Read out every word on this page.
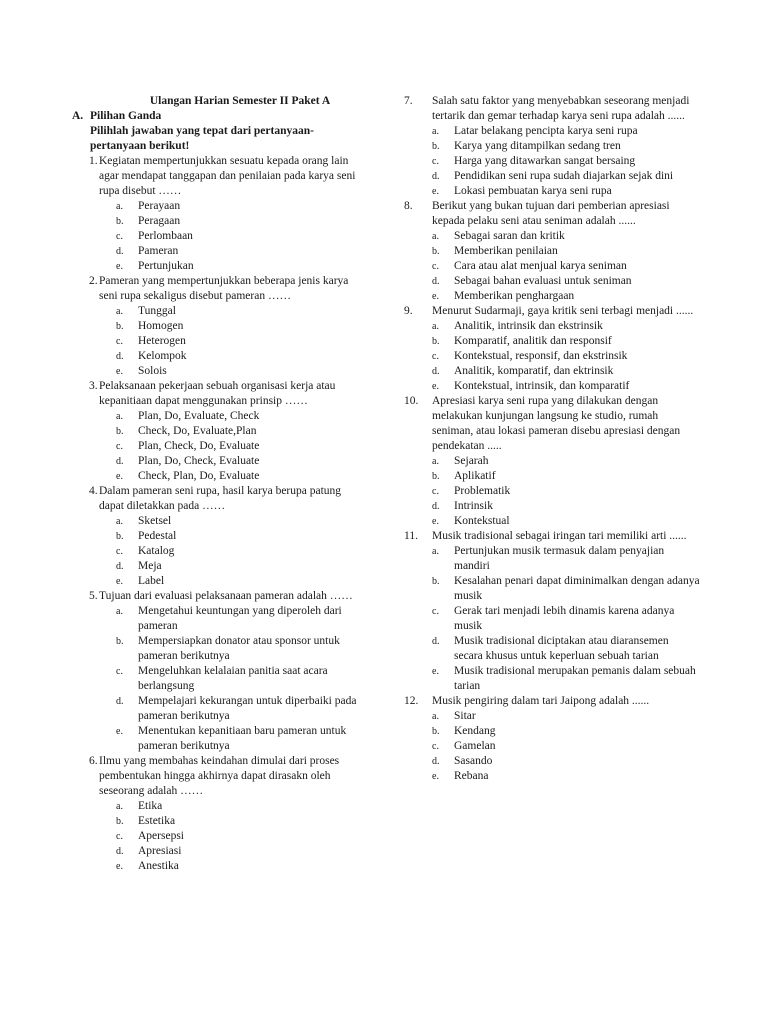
Ulangan Harian Semester II Paket A
A. Pilihan Ganda
Pilihlah jawaban yang tepat dari pertanyaan-pertanyaan berikut!
1. Kegiatan mempertunjukkan sesuatu kepada orang lain agar mendapat tanggapan dan penilaian pada karya seni rupa disebut ……
a.	Perayaan
b.	Peragaan
c.	Perlombaan
d.	Pameran
e.	Pertunjukan
2. Pameran yang mempertunjukkan beberapa jenis karya seni rupa sekaligus disebut pameran ……
a.	Tunggal
b.	Homogen
c.	Heterogen
d.	Kelompok
e.	Solois
3. Pelaksanaan pekerjaan sebuah organisasi kerja atau kepanitiaan dapat menggunakan prinsip ……
a.	Plan, Do, Evaluate, Check
b.	Check, Do, Evaluate,Plan
c.	Plan, Check, Do, Evaluate
d.	Plan, Do, Check, Evaluate
e.	Check, Plan, Do, Evaluate
4. Dalam pameran seni rupa, hasil karya berupa patung dapat diletakkan pada ……
a.	Sketsel
b.	Pedestal
c.	Katalog
d.	Meja
e.	Label
5. Tujuan dari evaluasi pelaksanaan pameran adalah ……
a.	Mengetahui keuntungan yang diperoleh dari pameran
b.	Mempersiapkan donator atau sponsor untuk pameran berikutnya
c.	Mengeluhkan kelalaian panitia saat acara berlangsung
d.	Mempelajari kekurangan untuk diperbaiki pada pameran berikutnya
e.	Menentukan kepanitiaan baru pameran untuk pameran berikutnya
6. Ilmu yang membahas keindahan dimulai dari proses pembentukan hingga akhirnya dapat dirasakn oleh seseorang adalah ……
a.	Etika
b.	Estetika
c.	Apersepsi
d.	Apresiasi
e.	Anestika
7.	Salah satu faktor yang menyebabkan seseorang menjadi tertarik dan gemar terhadap karya seni rupa adalah ......
a.	Latar belakang pencipta karya seni rupa
b.	Karya yang ditampilkan sedang tren
c.	Harga yang ditawarkan sangat bersaing
d.	Pendidikan seni rupa sudah diajarkan sejak dini
e.	Lokasi pembuatan karya seni rupa
8.	Berikut yang bukan tujuan dari pemberian apresiasi kepada pelaku seni atau seniman adalah ......
a.	Sebagai saran dan kritik
b.	Memberikan penilaian
c.	Cara atau alat menjual karya seniman
d.	Sebagai bahan evaluasi untuk seniman
e.	Memberikan penghargaan
9.	Menurut Sudarmaji, gaya kritik seni terbagi menjadi ......
a.	Analitik, intrinsik dan ekstrinsik
b.	Komparatif, analitik dan responsif
c.	Kontekstual, responsif, dan ekstrinsik
d.	Analitik, komparatif, dan ektrinsik
e.	Kontekstual, intrinsik, dan komparatif
10.	Apresiasi karya seni rupa yang dilakukan dengan melakukan kunjungan langsung ke studio, rumah seniman, atau lokasi pameran disebu apresiasi dengan pendekatan .....
a.	Sejarah
b.	Aplikatif
c.	Problematik
d.	Intrinsik
e.	Kontekstual
11.	Musik tradisional sebagai iringan tari memiliki arti ......
a.	Pertunjukan musik termasuk dalam penyajian mandiri
b.	Kesalahan penari dapat diminimalkan dengan adanya musik
c.	Gerak tari menjadi lebih dinamis karena adanya musik
d.	Musik tradisional diciptakan atau diaransemen secara khusus untuk keperluan sebuah tarian
e.	Musik tradisional merupakan pemanis dalam sebuah tarian
12.	Musik pengiring dalam tari Jaipong adalah ......
a.	Sitar
b.	Kendang
c.	Gamelan
d.	Sasando
e.	Rebana
